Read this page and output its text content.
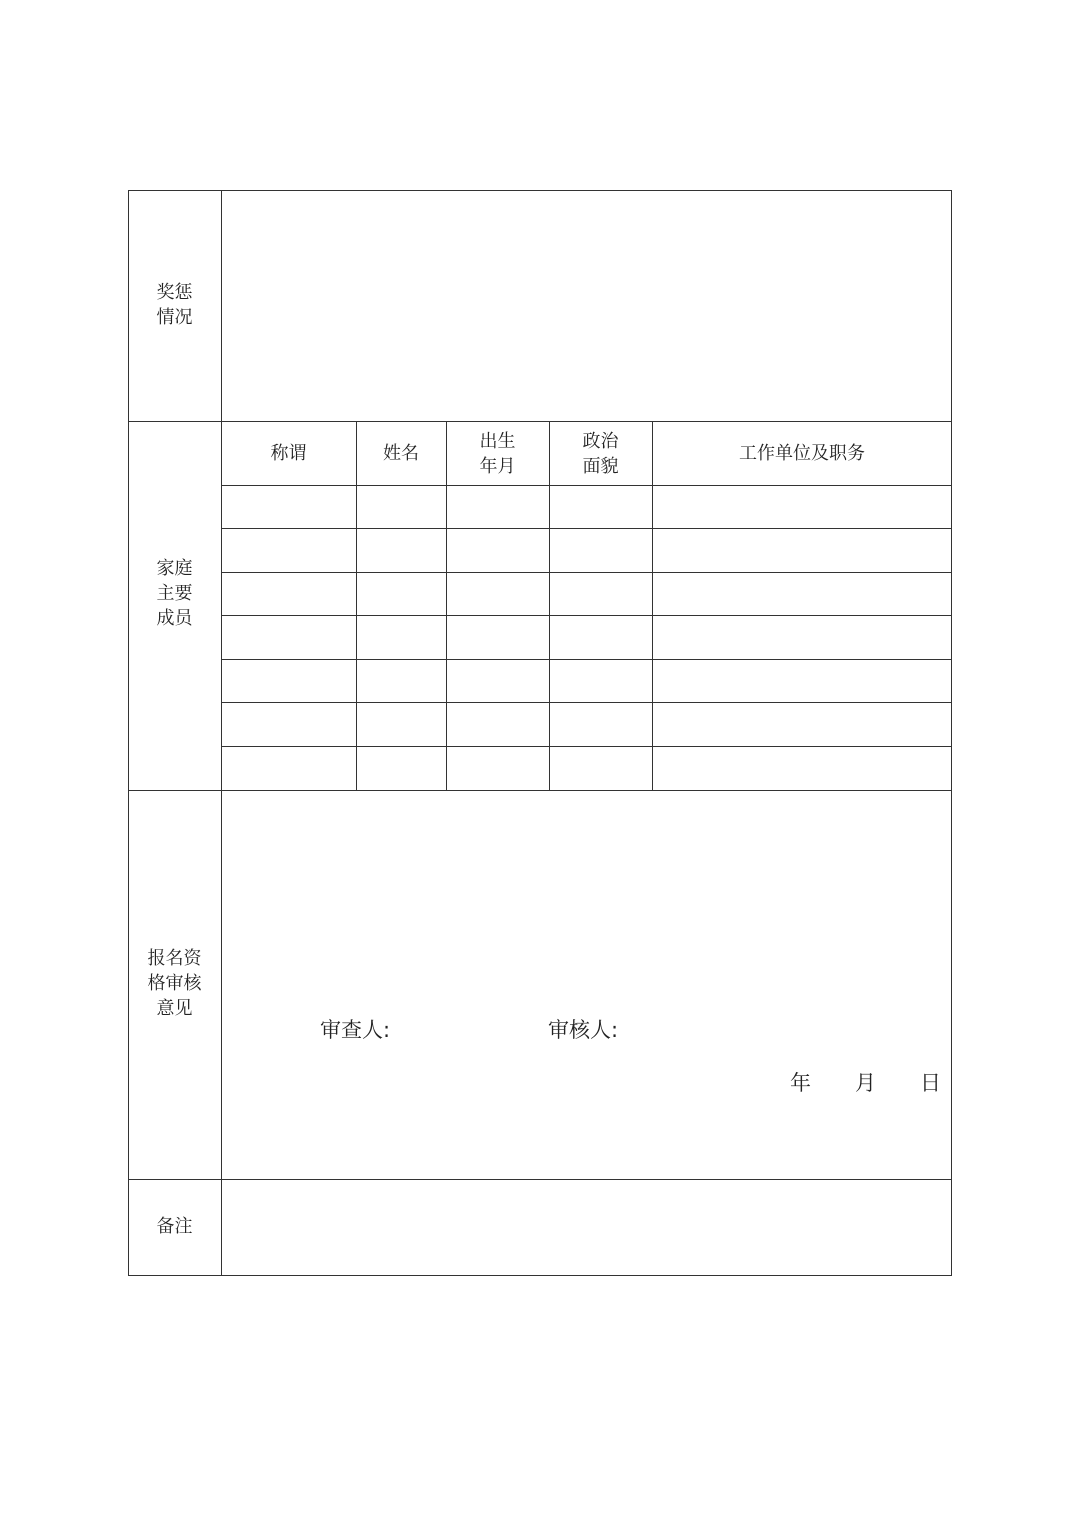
奖惩
情况
家庭
主要
成员
报名资
格审核
意见
备注
称谓	姓名
出生
年月
政治
面貌
工作单位及职务
审查人:	审核人:
年 月 日
